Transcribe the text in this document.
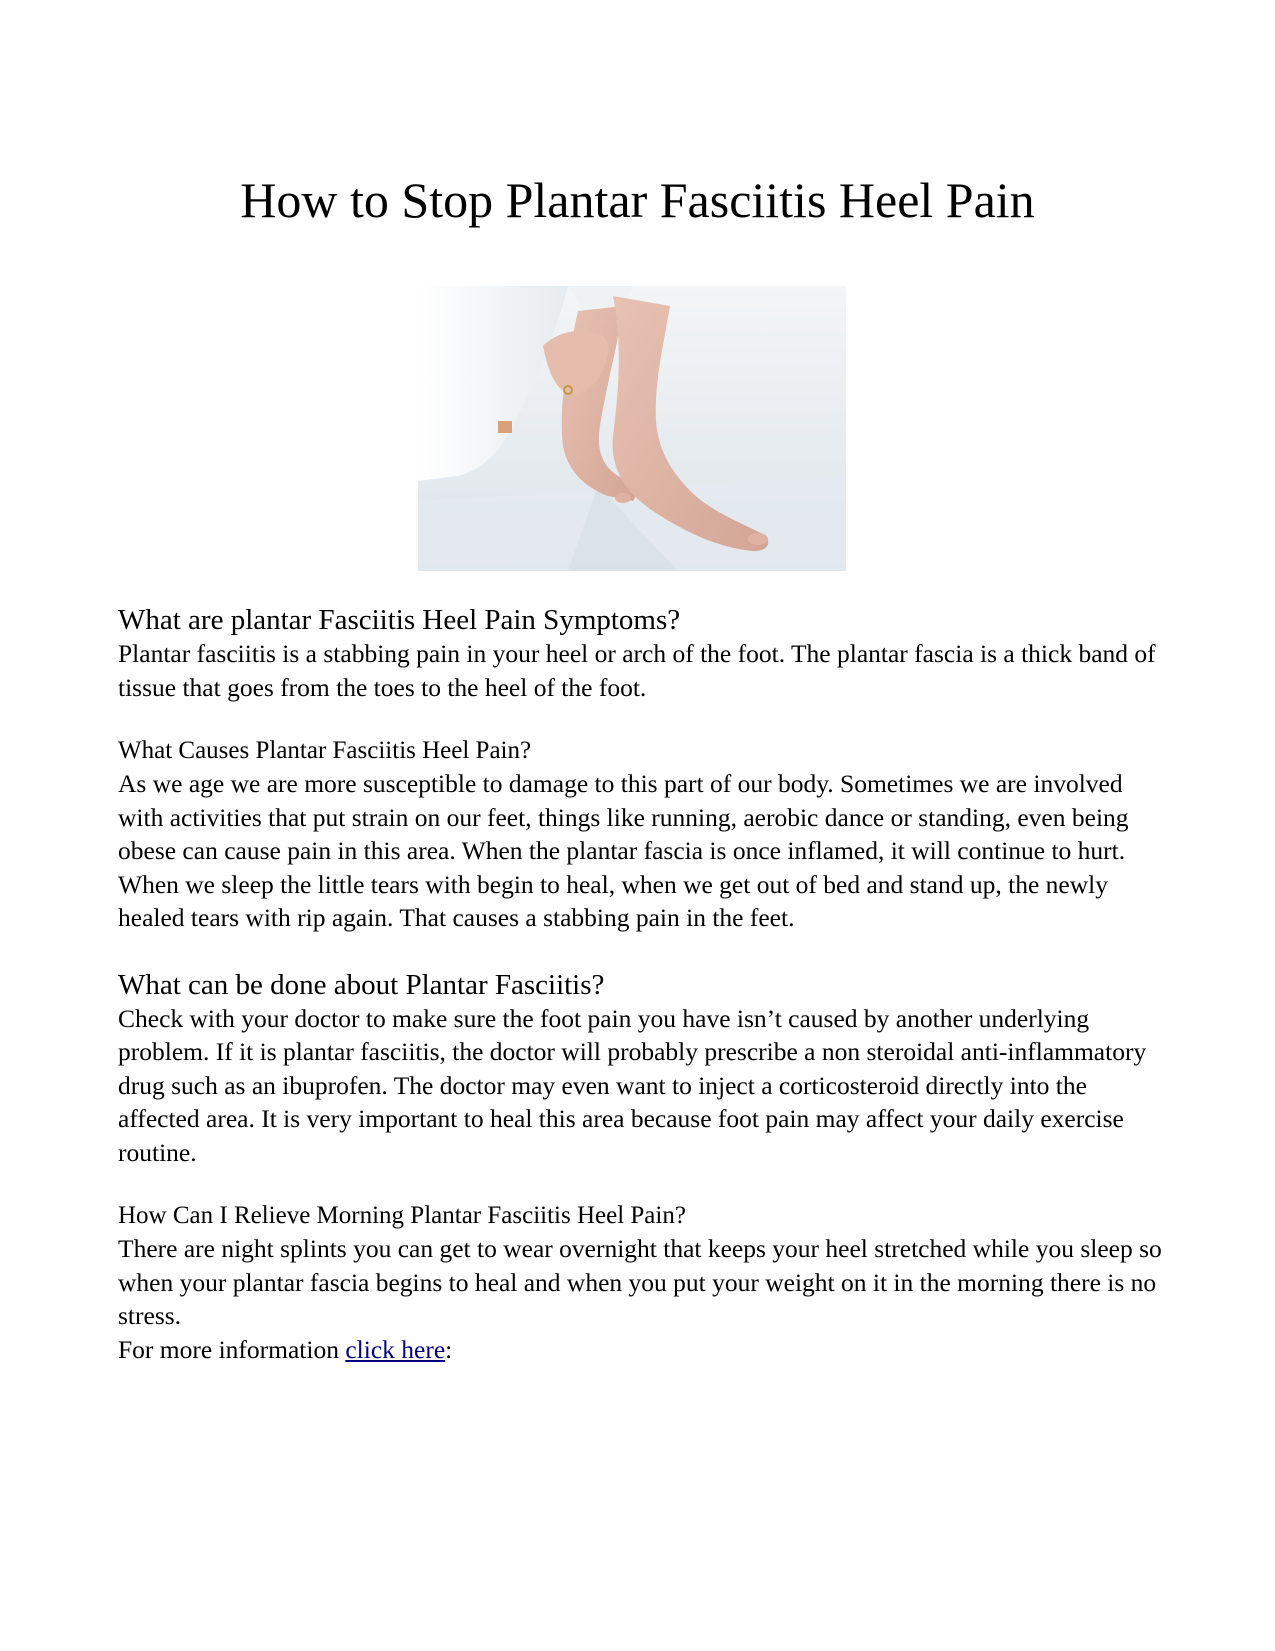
How to Stop Plantar Fasciitis Heel Pain

What are plantar Fasciitis Heel Pain Symptoms?

Plantar fasciitis is a stabbing pain in your heel or arch of the foot. The plantar fascia is a thick band of tissue that goes from the toes to the heel of the foot.

What Causes Plantar Fasciitis Heel Pain?

As we age we are more susceptible to damage to this part of our body. Sometimes we are involved with activities that put strain on our feet, things like running, aerobic dance or standing, even being obese can cause pain in this area. When the plantar fascia is once inflamed, it will continue to hurt. When we sleep the little tears with begin to heal, when we get out of bed and stand up, the newly healed tears with rip again. That causes a stabbing pain in the feet.

What can be done about Plantar Fasciitis?

Check with your doctor to make sure the foot pain you have isn’t caused by another underlying problem. If it is plantar fasciitis, the doctor will probably prescribe a non steroidal anti-inflammatory drug such as an ibuprofen. The doctor may even want to inject a corticosteroid directly into the affected area. It is very important to heal this area because foot pain may affect your daily exercise routine.

How Can I Relieve Morning Plantar Fasciitis Heel Pain?

There are night splints you can get to wear overnight that keeps your heel stretched while you sleep so when your plantar fascia begins to heal and when you put your weight on it in the morning there is no stress.

For more information click here:
